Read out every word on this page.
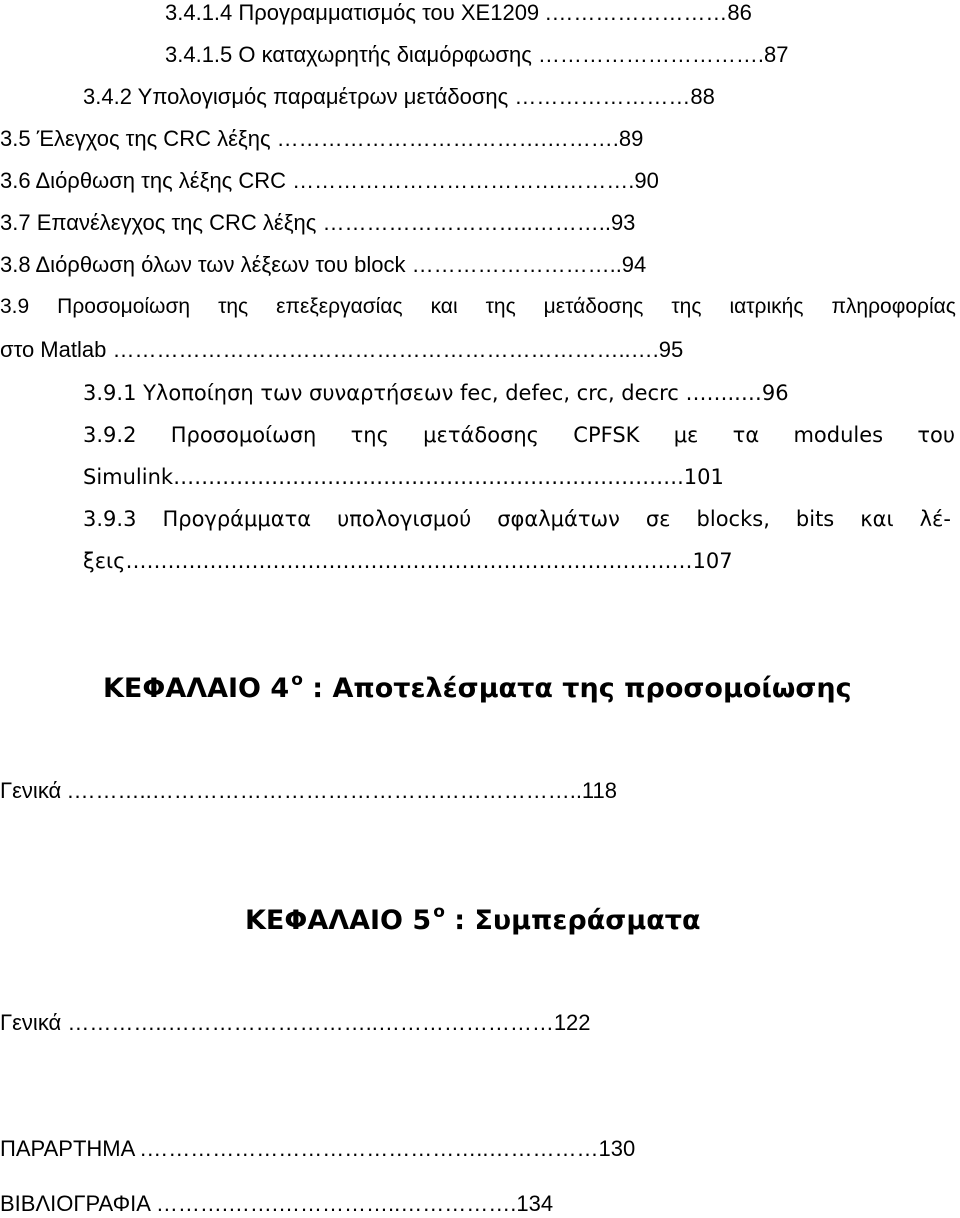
3.4.1.4 Προγραμματισμός του ΧΕ1209 .……………………86
3.4.1.5 Ο καταχωρητής διαμόρφωσης ………………………….87
3.4.2 Υπολογισμός παραμέτρων μετάδοσης ……………………88
3.5 Έλεγχος της CRC λέξης ……………………………….……….89
3.6 Διόρθωση της λέξης CRC ……………………………….……….90
3.7 Επανέλεγχος της CRC λέξης ………………………..………..93
3.8 Διόρθωση όλων των λέξεων του block ………………………..94
3.9 Προσομοίωση της επεξεργασίας και της μετάδοσης της ιατρικής πληροφορίας
στο Matlab ……………………………………………………………..….95
3.9.1 Υλοποίηση των συναρτήσεων fec, defec, crc, decrc ……..…96
3.9.2 Προσομοίωση της μετάδοσης CPFSK με τα modules του
Simulink……………………………………………………………….101
3.9.3 Προγράμματα υπολογισμού σφαλμάτων σε blocks, bits και λέ-
ξεις………………………………………………………………………107
ΚΕΦΑΛΑΙΟ 4 $^o$ : Αποτελέσματα της προσομοίωσης
Γενικά .………..…………………………………………………..118
ΚΕΦΑΛΑΙΟ 5 $^o$ : Συμπεράσματα
Γενικά …………..………………………..……………………122
ΠΑΡΑΡΤΗΜΑ .………………………………………..……………130
ΒΙΒΛΙΟΓΡΑΦΙΑ ……….…….……………..…………….134
